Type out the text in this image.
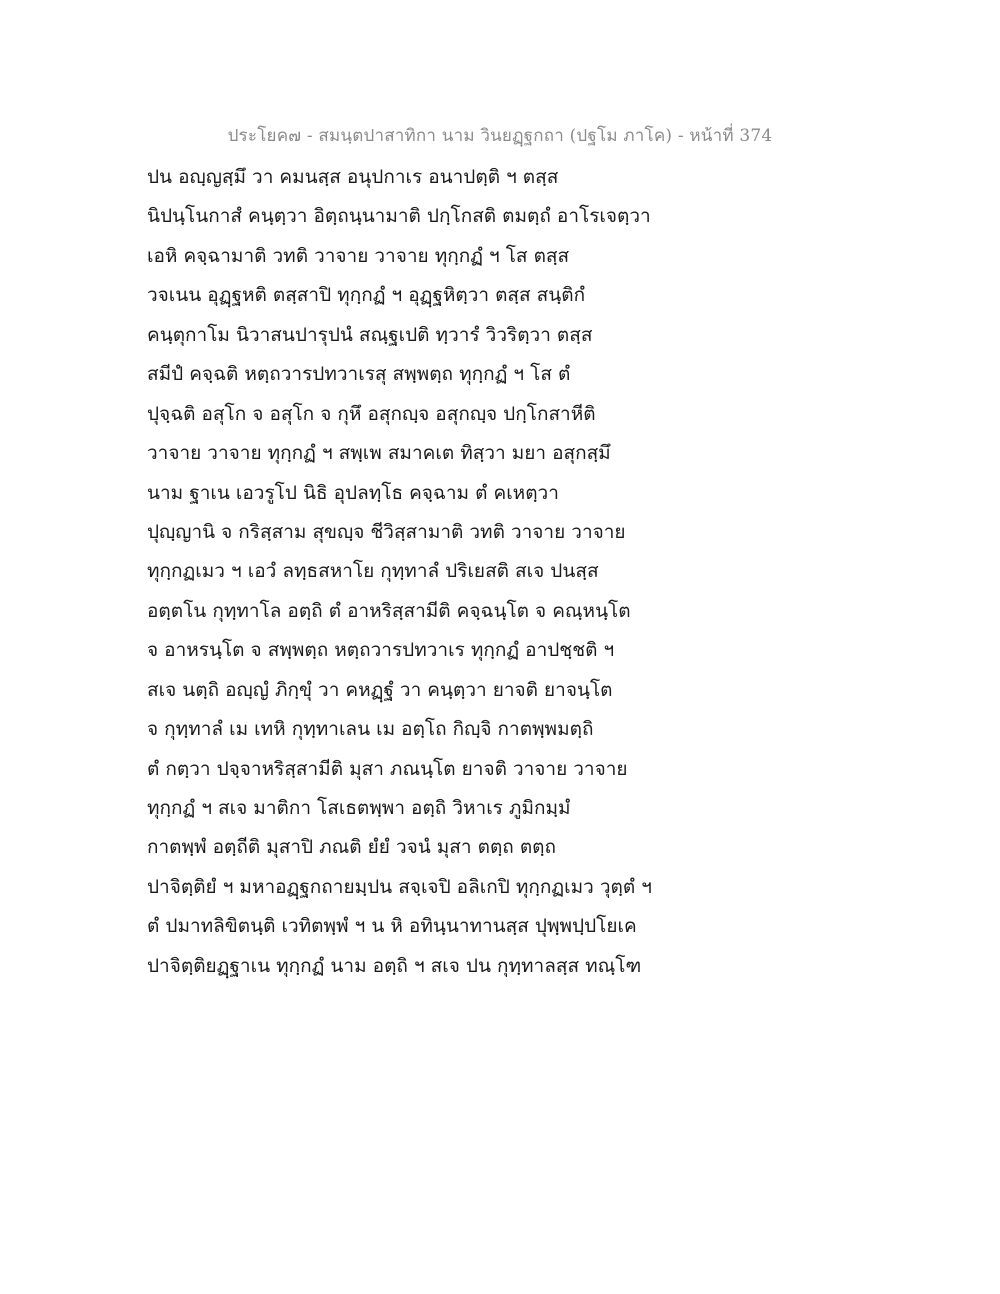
ประโยค๗ - สมนฺตปาสาทิกา นาม วินยฏฺฐกถา (ปฐโม ภาโค) - หน้าที่ 374
ปน อญฺญสฺมึ วา คมนสฺส อนุปกาเร อนาปตฺติ ฯ ตสฺส
นิปนฺโนกาสํ คนฺตฺวา อิตฺถนฺนามาติ ปกฺโกสติ ตมตฺถํ อาโรเจตฺวา
เอหิ คจฺฉามาติ วทติ วาจาย วาจาย ทุกฺกฏํ ฯ โส ตสฺส
วจเนน อุฏฺฐหติ ตสฺสาปิ ทุกฺกฏํ ฯ อุฏฺฐหิตฺวา ตสฺส สนฺติกํ
คนฺตุกาโม นิวาสนปารุปนํ สณฺฐเปติ ทฺวารํ วิวริตฺวา ตสฺส
สมีปํ คจฺฉติ หตฺถวารปทวาเรสุ สพฺพตฺถ ทุกฺกฏํ ฯ โส ตํ
ปุจฺฉติ อสุโก จ อสุโก จ กุหึ อสุกญฺจ อสุกญฺจ ปกฺโกสาหีติ
วาจาย วาจาย ทุกฺกฏํ ฯ สพฺเพ สมาคเต ทิสฺวา มยา อสุกสฺมึ
นาม ฐาเน เอวรูโป นิธิ อุปลทฺโธ คจฺฉาม ตํ คเหตฺวา
ปุญฺญานิ จ กริสฺสาม สุขญฺจ ชีวิสฺสามาติ วทติ วาจาย วาจาย
ทุกฺกฏเมว ฯ เอวํ ลทฺธสหาโย กุทฺทาลํ ปริเยสติ สเจ ปนสฺส
อตฺตโน กุทฺทาโล อตฺถิ ตํ อาหริสฺสามีติ คจฺฉนฺโต จ คณฺหนฺโต
จ อาหรนฺโต จ สพฺพตฺถ หตฺถวารปทวาเร ทุกฺกฏํ อาปชฺชติ ฯ
สเจ นตฺถิ อญฺญํ ภิกฺขุํ วา คหฏฺฐํ วา คนฺตฺวา ยาจติ ยาจนฺโต
จ กุทฺทาลํ เม เทหิ กุทฺทาเลน เม อตฺโถ กิญฺจิ กาตพฺพมตฺถิ
ตํ กตฺวา ปจฺจาหริสฺสามีติ มุสา ภณนฺโต ยาจติ วาจาย วาจาย
ทุกฺกฏํ ฯ สเจ มาติกา โสเธตพฺพา อตฺถิ วิหาเร ภูมิกมฺมํ
กาตพฺพํ อตฺถีติ มุสาปิ ภณติ ยํยํ วจนํ มุสา ตตฺถ ตตฺถ
ปาจิตฺติยํ ฯ มหาอฏฺฐกถายมฺปน สจฺเจปิ อลิเกปิ ทุกฺกฏเมว วุตฺตํ ฯ
ตํ ปมาทลิขิตนฺติ เวทิตพฺพํ ฯ น หิ อทินฺนาทานสฺส ปุพฺพปฺปโยเค
ปาจิตฺติยฏฺฐาเน ทุกฺกฏํ นาม อตฺถิ ฯ สเจ ปน กุทฺทาลสฺส ทณฺโฑ
